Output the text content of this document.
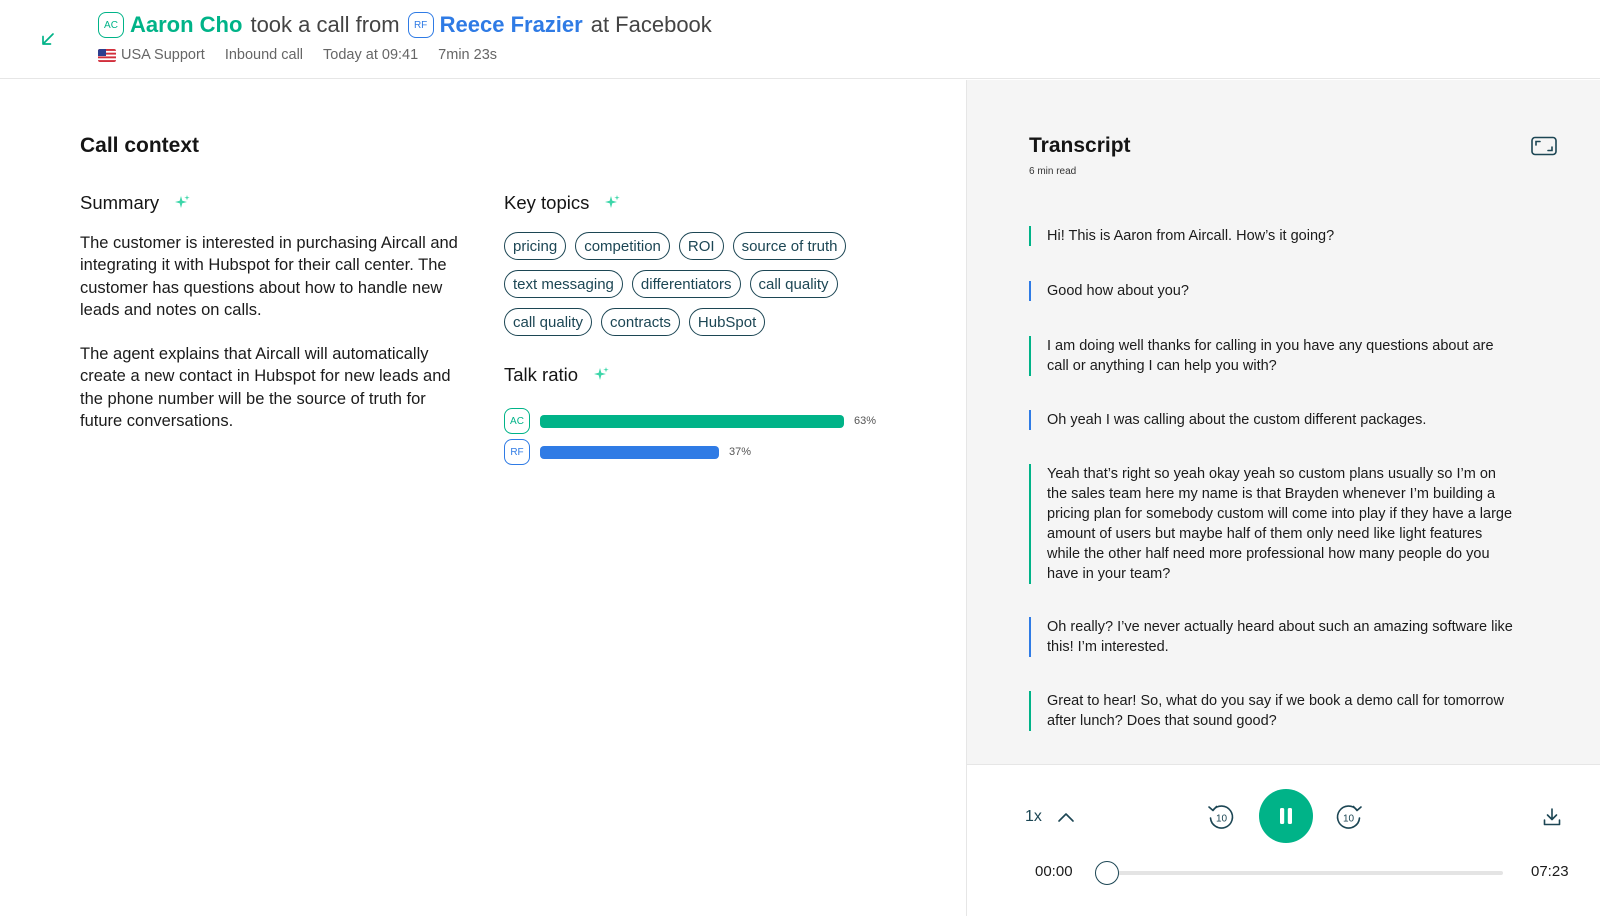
AC Aaron Cho took a call from	RF Reece Frazier at Facebook
USA Support Inbound call Today at 09:41 7min 23s
Call context
Summary

The customer is interested in purchasing Aircall and integrating it with Hubspot for their call center. The customer has questions about how to handle new leads and notes on calls.

The agent explains that Aircall will automatically create a new contact in Hubspot for new leads and the phone number will be the source of truth for future conversations.

Key topics
pricing	competition	ROI	source of truth
text messaging	differentiators	call quality
call quality	contracts	HubSpot
Talk ratio
AC	63%
RF	37%
Transcript
6 min read
Hi! This is Aaron from Aircall. How’s it going?
Good how about you?
I am doing well thanks for calling in you have any questions about are call or anything I can help you with?
Oh yeah I was calling about the custom different packages.
Yeah that’s right so yeah okay yeah so custom plans usually so I’m on the sales team here my name is that Brayden whenever I’m building a pricing plan for somebody custom will come into play if they have a large amount of users but maybe half of them only need like light features while the other half need more professional how many people do you have in your team?
Oh really? I’ve never actually heard about such an amazing software like this! I’m interested.
Great to hear! So, what do you say if we book a demo call for tomorrow after lunch? Does that sound good?
1x	10	10
00:00	07:23
